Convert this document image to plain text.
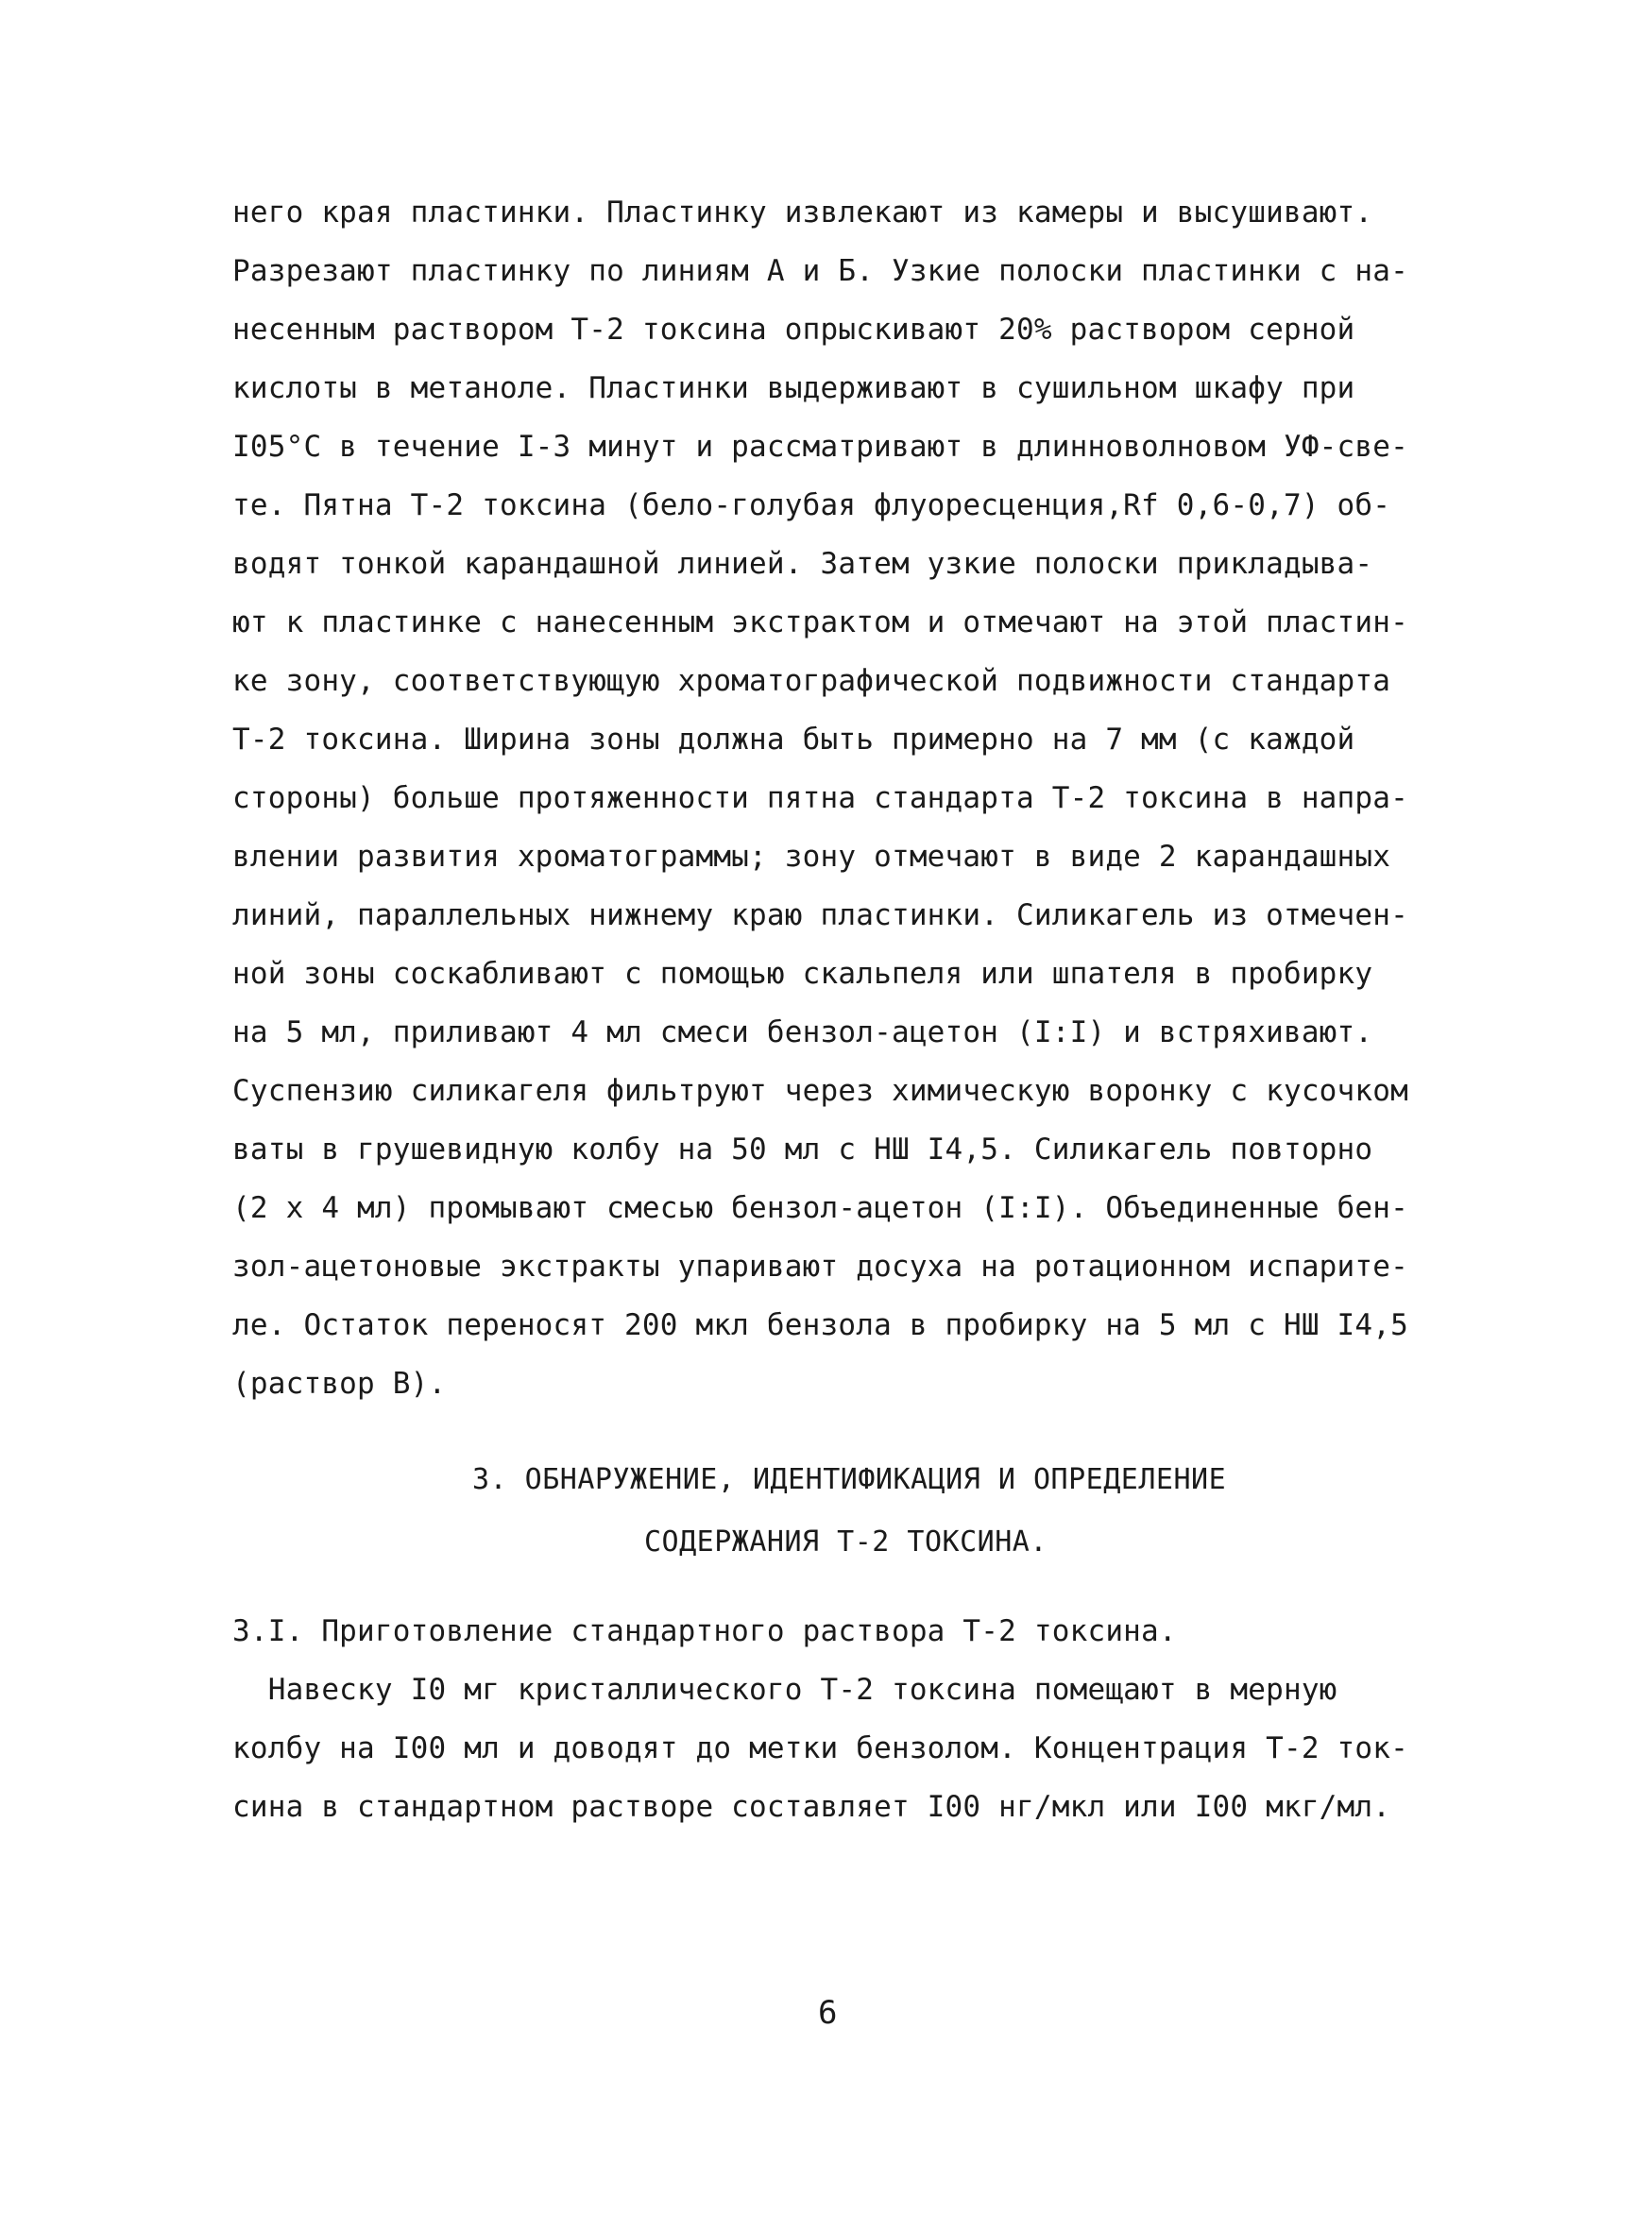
него края пластинки. Пластинку извлекают из камеры и высушивают.
Разрезают пластинку по линиям А и Б. Узкие полоски пластинки с на-
несенным раствором Т-2 токсина опрыскивают 20% раствором серной
кислоты в метаноле. Пластинки выдерживают в сушильном шкафу при
I05°С в течение I-3 минут и рассматривают в длинноволновом УФ-све-
те. Пятна Т-2 токсина (бело-голубая флуоресценция,Rf 0,6-0,7) об-
водят тонкой карандашной линией. Затем узкие полоски прикладыва-
ют к пластинке с нанесенным экстрактом и отмечают на этой пластин-
ке зону, соответствующую хроматографической подвижности стандарта
Т-2 токсина. Ширина зоны должна быть примерно на 7 мм (с каждой
стороны) больше протяженности пятна стандарта Т-2 токсина в напра-
влении развития хроматограммы; зону отмечают в виде 2 карандашных
линий, параллельных нижнему краю пластинки. Силикагель из отмечен-
ной зоны соскабливают с помощью скальпеля или шпателя в пробирку
на 5 мл, приливают 4 мл смеси бензол-ацетон (I:I) и встряхивают.
Суспензию силикагеля фильтруют через химическую воронку с кусочком
ваты в грушевидную колбу на 50 мл с НШ I4,5. Силикагель повторно
(2 х 4 мл) промывают смесью бензол-ацетон (I:I). Объединенные бен-
зол-ацетоновые экстракты упаривают досуха на ротационном испарите-
ле. Остаток переносят 200 мкл бензола в пробирку на 5 мл с НШ I4,5
(раствор В).
3. ОБНАРУЖЕНИЕ, ИДЕНТИФИКАЦИЯ И ОПРЕДЕЛЕНИЕ
СОДЕРЖАНИЯ Т-2 ТОКСИНА.
3.I. Приготовление стандартного раствора Т-2 токсина.
Навеску I0 мг кристаллического Т-2 токсина помещают в мерную
колбу на I00 мл и доводят до метки бензолом. Концентрация Т-2 ток-
сина в стандартном растворе составляет I00 нг/мкл или I00 мкг/мл.
6
